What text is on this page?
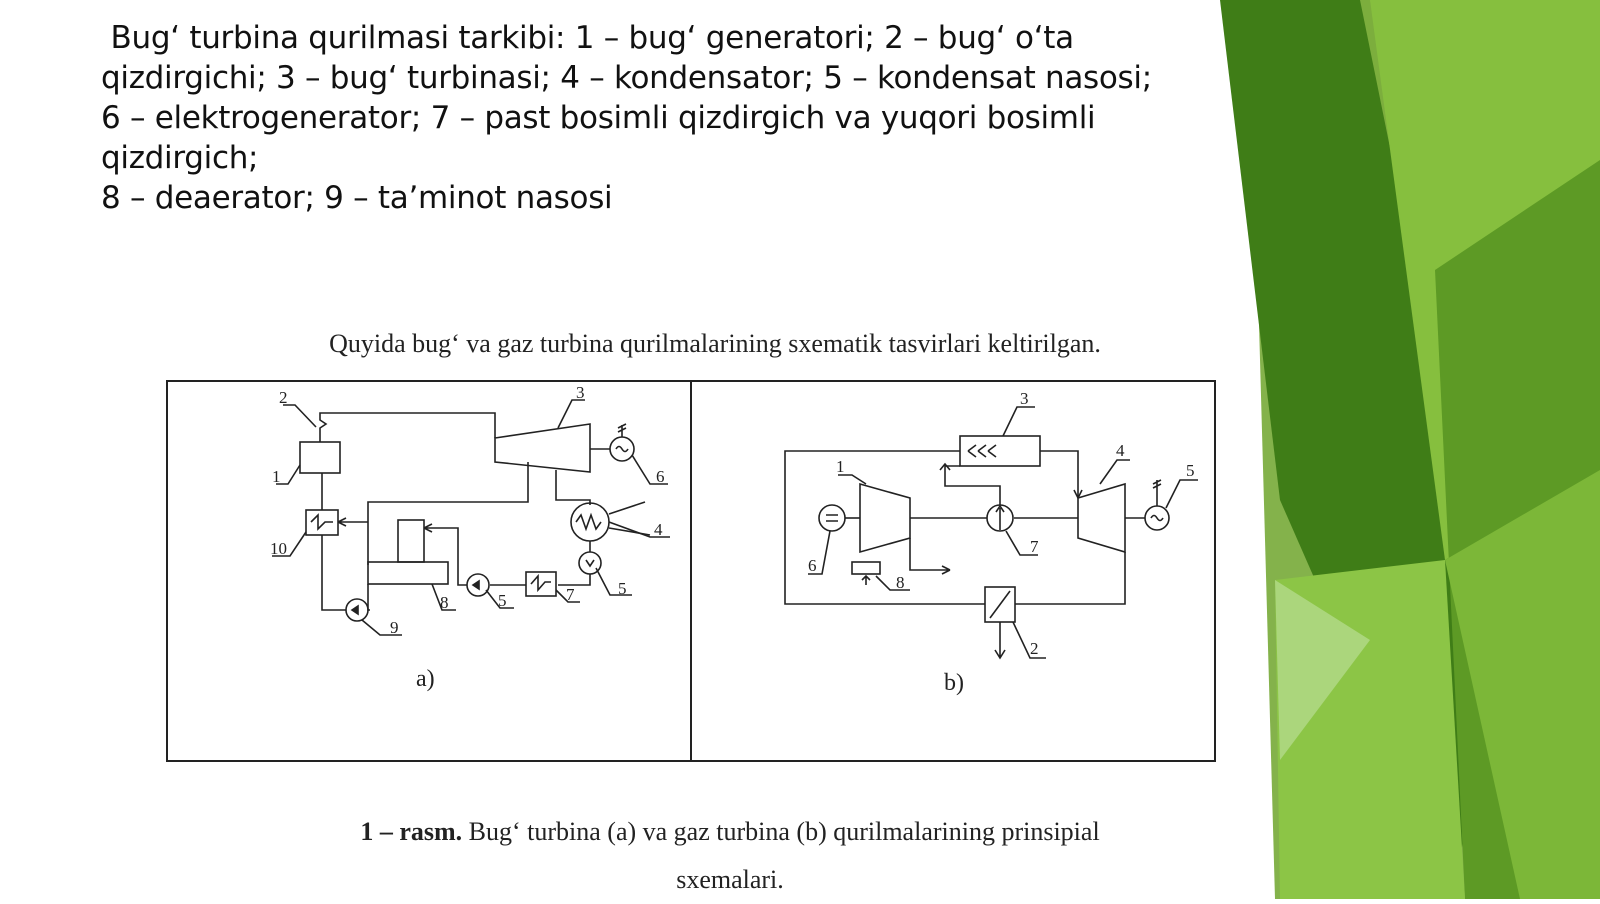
Bug‘ turbina qurilmasi tarkibi: 1 – bug‘ generatori; 2 – bug‘ o‘ta
qizdirgichi; 3 – bug‘ turbinasi; 4 – kondensator; 5 – kondensat nasosi;
6 – elektrogenerator; 7 – past bosimli qizdirgich va yuqori bosimli
qizdirgich;
8 – deaerator; 9 – ta’minot nasosi
Quyida bug‘ va gaz turbina qurilmalarining sxematik tasvirlari keltirilgan.
1
2	3
4
5
5
6
7
8
9
10
1
2
3
4
5
6
7
8
a)	b)
1 – rasm. Bug‘ turbina (a) va gaz turbina (b) qurilmalarining prinsipial
sxemalari.
